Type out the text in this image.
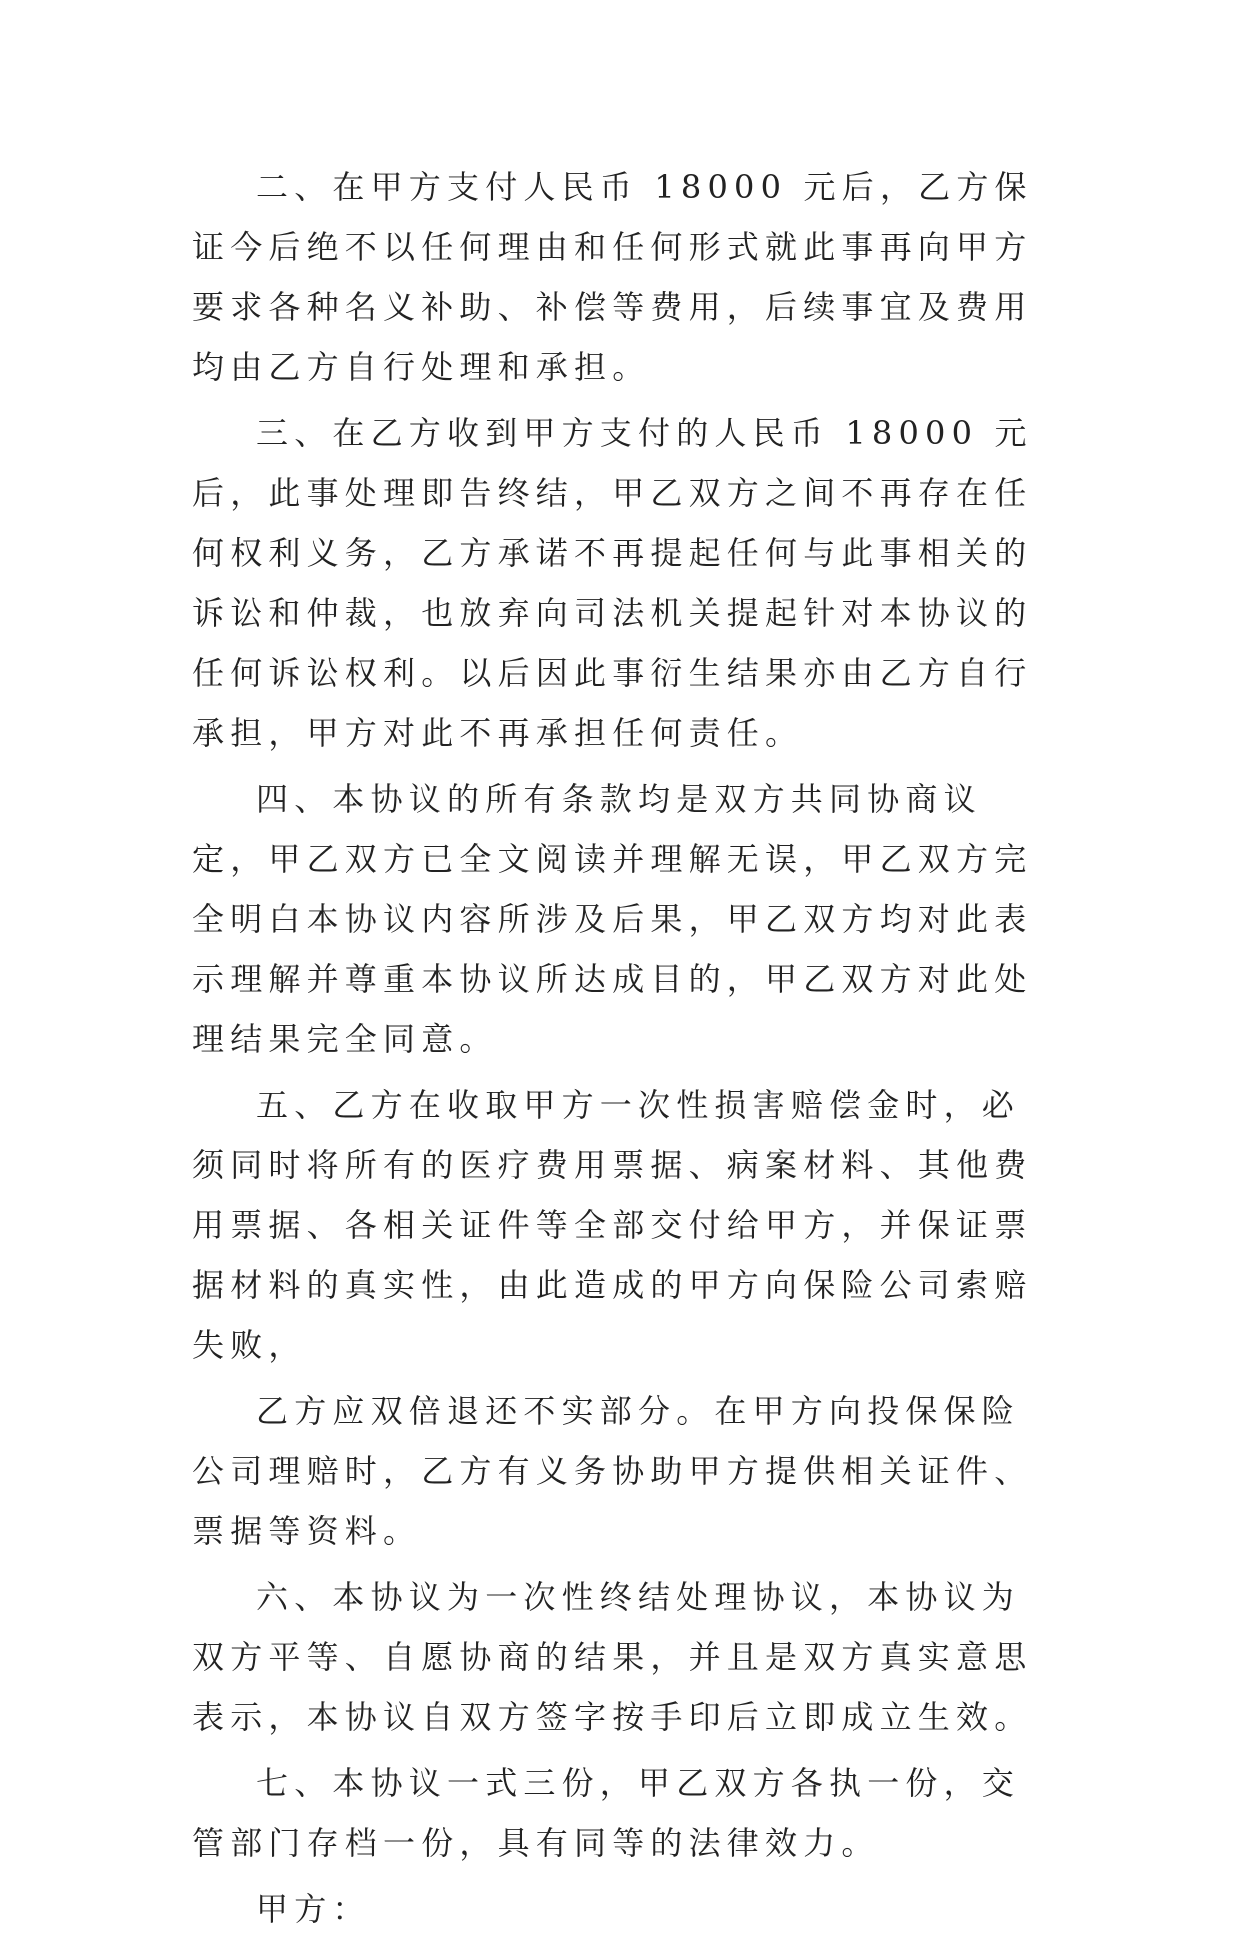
二、在甲方支付人民币 18000 元后，乙方保证今后绝不以任何理由和任何形式就此事再向甲方要求各种名义补助、补偿等费用，后续事宜及费用均由乙方自行处理和承担。

三、在乙方收到甲方支付的人民币 18000 元后，此事处理即告终结，甲乙双方之间不再存在任何权利义务，乙方承诺不再提起任何与此事相关的诉讼和仲裁，也放弃向司法机关提起针对本协议的任何诉讼权利。以后因此事衍生结果亦由乙方自行承担，甲方对此不再承担任何责任。

四、本协议的所有条款均是双方共同协商议定，甲乙双方已全文阅读并理解无误，甲乙双方完全明白本协议内容所涉及后果，甲乙双方均对此表示理解并尊重本协议所达成目的，甲乙双方对此处理结果完全同意。

五、乙方在收取甲方一次性损害赔偿金时，必须同时将所有的医疗费用票据、病案材料、其他费用票据、各相关证件等全部交付给甲方，并保证票据材料的真实性，由此造成的甲方向保险公司索赔失败，

乙方应双倍退还不实部分。在甲方向投保保险公司理赔时，乙方有义务协助甲方提供相关证件、票据等资料。

六、本协议为一次性终结处理协议，本协议为双方平等、自愿协商的结果，并且是双方真实意思表示，本协议自双方签字按手印后立即成立生效。

七、本协议一式三份，甲乙双方各执一份，交管部门存档一份，具有同等的法律效力。

甲方：
